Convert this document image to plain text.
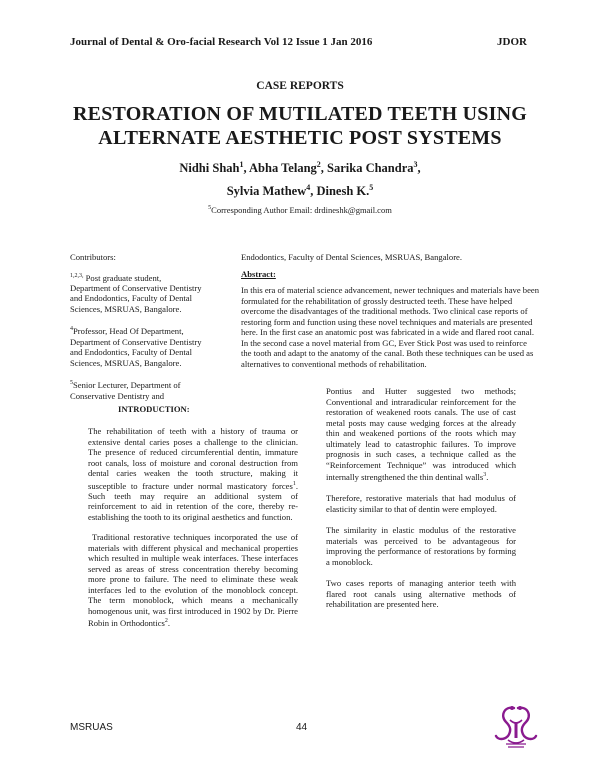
Journal of Dental & Oro-facial Research Vol 12 Issue 1 Jan 2016	JDOR
CASE REPORTS
RESTORATION OF MUTILATED TEETH USING
ALTERNATE AESTHETIC POST SYSTEMS
Nidhi Shah$^1$, Abha Telang$^2$, Sarika Chandra$^3$,
Sylvia Mathew$^4$, Dinesh K.$^5$
$^5$Corresponding Author Email: drdineshk@gmail.com

Contributors:

$^{1,2,3,}$ Post graduate student,

Department of Conservative Dentistry

and Endodontics, Faculty of Dental

Sciences, MSRUAS, Bangalore.

$^4$Professor, Head Of Department,

Department of Conservative Dentistry

and Endodontics, Faculty of Dental

Sciences, MSRUAS, Bangalore.

$^5$Senior Lecturer, Department of

Conservative Dentistry and

Endodontics, Faculty of Dental Sciences, MSRUAS, Bangalore.

Abstract:

In this era of material science advancement, newer techniques and materials have been

formulated for the rehabilitation of grossly destructed teeth. These have helped

overcome the disadvantages of the traditional methods. Two clinical case reports of

restoring form and function using these novel techniques and materials are presented

here. In the first case an anatomic post was fabricated in a wide and flared root canal.

In the second case a novel material from GC, Ever Stick Post was used to reinforce

the tooth and adapt to the anatomy of the canal. Both these techniques can be used as

alternatives to conventional methods of rehabilitation.

INTRODUCTION:

The rehabilitation of teeth with a history of trauma or extensive dental caries poses a challenge to the clinician. The presence of reduced circumferential dentin, immature root canals, loss of moisture and coronal destruction from dental caries weaken the tooth structure, making it susceptible to fracture under normal masticatory forces$^1$. Such teeth may require an additional system of reinforcement to aid in retention of the core, thereby re-establishing the tooth to its original aesthetics and function.

Traditional restorative techniques incorporated the use of materials with different physical and mechanical properties which resulted in multiple weak interfaces. These interfaces served as areas of stress concentration thereby becoming more prone to failure. The need to eliminate these weak interfaces led to the evolution of the monoblock concept. The term monoblock, which means a mechanically homogenous unit, was first introduced in 1902 by Dr. Pierre Robin in Orthodontics$^2$.

Pontius and Hutter suggested two methods; Conventional and intraradicular reinforcement for the restoration of weakened roots canals. The use of cast metal posts may cause wedging forces at the already thin and weakened portions of the roots which may ultimately lead to catastrophic failures. To improve prognosis in such cases, a technique called as the “Reinforcement Technique” was introduced which internally strengthened the thin dentinal walls$^3$.

Therefore, restorative materials that had modulus of elasticity similar to that of dentin were employed.

The similarity in elastic modulus of the restorative materials was perceived to be advantageous for improving the performance of restorations by forming a monoblock.

Two cases reports of managing anterior teeth with flared root canals using alternative methods of rehabilitation are presented here.

MSRUAS	44
